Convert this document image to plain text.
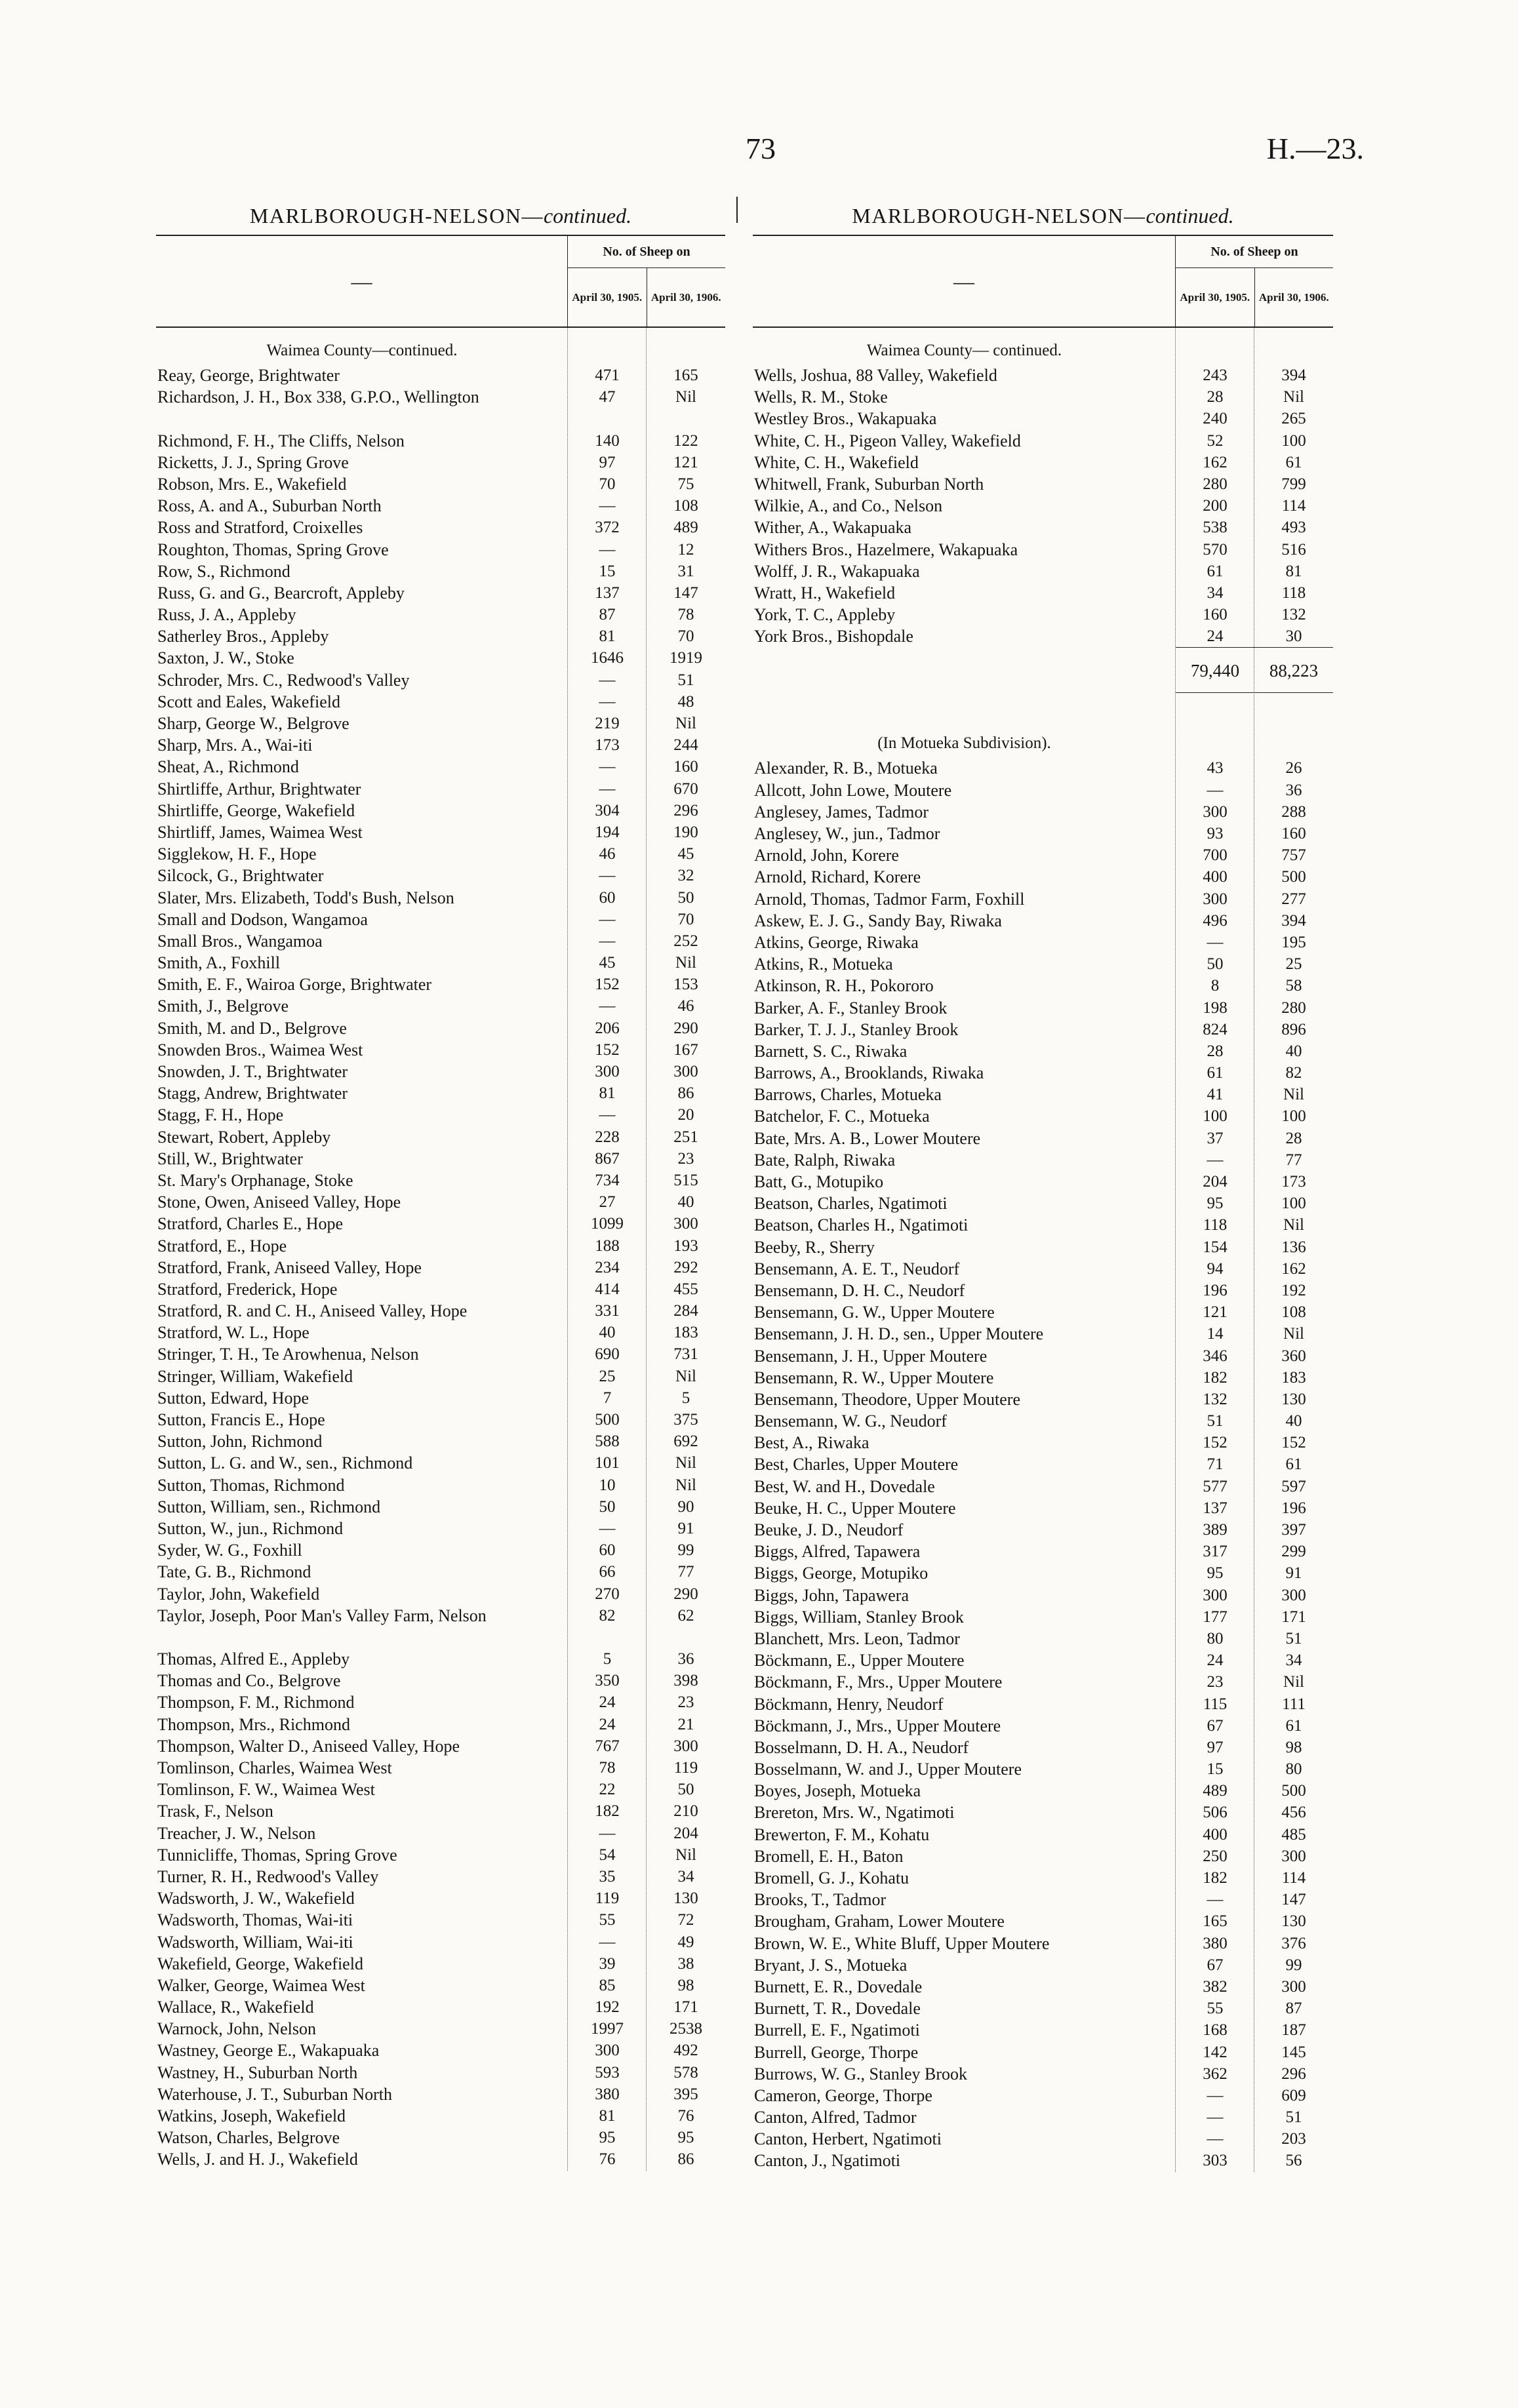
73	H.—23.
MARLBOROUGH-NELSON—continued.
—
No. of Sheep on
April 30, 1905. April 30, 1906.
Waimea County—continued.
Reay, George, Brightwater	471	165
Richardson, J. H., Box 338, G.P.O., Wellington	47	Nil
Richmond, F. H., The Cliffs, Nelson	140	122
Ricketts, J. J., Spring Grove	97	121
Robson, Mrs. E., Wakefield	70	75
Ross, A. and A., Suburban North	—	108
Ross and Stratford, Croixelles	372	489
Roughton, Thomas, Spring Grove	—	12
Row, S., Richmond	15	31
Russ, G. and G., Bearcroft, Appleby	137	147
Russ, J. A., Appleby	87	78
Satherley Bros., Appleby	81	70
Saxton, J. W., Stoke	1646	1919
Schroder, Mrs. C., Redwood's Valley	—	51
Scott and Eales, Wakefield	—	48
Sharp, George W., Belgrove	219	Nil
Sharp, Mrs. A., Wai-iti	173	244
Sheat, A., Richmond	—	160
Shirtliffe, Arthur, Brightwater	—	670
Shirtliffe, George, Wakefield	304	296
Shirtliff, James, Waimea West	194	190
Sigglekow, H. F., Hope	46	45
Silcock, G., Brightwater	—	32
Slater, Mrs. Elizabeth, Todd's Bush, Nelson	60	50
Small and Dodson, Wangamoa	—	70
Small Bros., Wangamoa	—	252
Smith, A., Foxhill	45	Nil
Smith, E. F., Wairoa Gorge, Brightwater	152	153
Smith, J., Belgrove	—	46
Smith, M. and D., Belgrove	206	290
Snowden Bros., Waimea West	152	167
Snowden, J. T., Brightwater	300	300
Stagg, Andrew, Brightwater	81	86
Stagg, F. H., Hope	—	20
Stewart, Robert, Appleby	228	251
Still, W., Brightwater	867	23
St. Mary's Orphanage, Stoke	734	515
Stone, Owen, Aniseed Valley, Hope	27	40
Stratford, Charles E., Hope	1099	300
Stratford, E., Hope	188	193
Stratford, Frank, Aniseed Valley, Hope	234	292
Stratford, Frederick, Hope	414	455
Stratford, R. and C. H., Aniseed Valley, Hope	331	284
Stratford, W. L., Hope	40	183
Stringer, T. H., Te Arowhenua, Nelson	690	731
Stringer, William, Wakefield	25	Nil
Sutton, Edward, Hope	7	5
Sutton, Francis E., Hope	500	375
Sutton, John, Richmond	588	692
Sutton, L. G. and W., sen., Richmond	101	Nil
Sutton, Thomas, Richmond	10	Nil
Sutton, William, sen., Richmond	50	90
Sutton, W., jun., Richmond	—	91
Syder, W. G., Foxhill	60	99
Tate, G. B., Richmond	66	77
Taylor, John, Wakefield	270	290
Taylor, Joseph, Poor Man's Valley Farm, Nelson	82	62
Thomas, Alfred E., Appleby	5	36
Thomas and Co., Belgrove	350	398
Thompson, F. M., Richmond	24	23
Thompson, Mrs., Richmond	24	21
Thompson, Walter D., Aniseed Valley, Hope	767	300
Tomlinson, Charles, Waimea West	78	119
Tomlinson, F. W., Waimea West	22	50
Trask, F., Nelson	182	210
Treacher, J. W., Nelson	—	204
Tunnicliffe, Thomas, Spring Grove	54	Nil
Turner, R. H., Redwood's Valley	35	34
Wadsworth, J. W., Wakefield	119	130
Wadsworth, Thomas, Wai-iti	55	72
Wadsworth, William, Wai-iti	—	49
Wakefield, George, Wakefield	39	38
Walker, George, Waimea West	85	98
Wallace, R., Wakefield	192	171
Warnock, John, Nelson	1997	2538
Wastney, George E., Wakapuaka	300	492
Wastney, H., Suburban North	593	578
Waterhouse, J. T., Suburban North	380	395
Watkins, Joseph, Wakefield	81	76
Watson, Charles, Belgrove	95	95
Wells, J. and H. J., Wakefield	76	86
MARLBOROUGH-NELSON—continued.
—
No. of Sheep on
April 30, 1905. April 30, 1906.
Waimea County— continued.
Wells, Joshua, 88 Valley, Wakefield	243	394
Wells, R. M., Stoke	28	Nil
Westley Bros., Wakapuaka	240	265
White, C. H., Pigeon Valley, Wakefield	52	100
White, C. H., Wakefield	162	61
Whitwell, Frank, Suburban North	280	799
Wilkie, A., and Co., Nelson	200	114
Wither, A., Wakapuaka	538	493
Withers Bros., Hazelmere, Wakapuaka	570	516
Wolff, J. R., Wakapuaka	61	81
Wratt, H., Wakefield	34	118
York, T. C., Appleby	160	132
York Bros., Bishopdale	24	30
79,440	88,223
(In Motueka Subdivision).
Alexander, R. B., Motueka	43	26
Allcott, John Lowe, Moutere	—	36
Anglesey, James, Tadmor	300	288
Anglesey, W., jun., Tadmor	93	160
Arnold, John, Korere	700	757
Arnold, Richard, Korere	400	500
Arnold, Thomas, Tadmor Farm, Foxhill	300	277
Askew, E. J. G., Sandy Bay, Riwaka	496	394
Atkins, George, Riwaka	—	195
Atkins, R., Motueka	50	25
Atkinson, R. H., Pokororo	8	58
Barker, A. F., Stanley Brook	198	280
Barker, T. J. J., Stanley Brook	824	896
Barnett, S. C., Riwaka	28	40
Barrows, A., Brooklands, Riwaka	61	82
Barrows, Charles, Motueka	41	Nil
Batchelor, F. C., Motueka	100	100
Bate, Mrs. A. B., Lower Moutere	37	28
Bate, Ralph, Riwaka	—	77
Batt, G., Motupiko	204	173
Beatson, Charles, Ngatimoti	95	100
Beatson, Charles H., Ngatimoti	118	Nil
Beeby, R., Sherry	154	136
Bensemann, A. E. T., Neudorf	94	162
Bensemann, D. H. C., Neudorf	196	192
Bensemann, G. W., Upper Moutere	121	108
Bensemann, J. H. D., sen., Upper Moutere	14	Nil
Bensemann, J. H., Upper Moutere	346	360
Bensemann, R. W., Upper Moutere	182	183
Bensemann, Theodore, Upper Moutere	132	130
Bensemann, W. G., Neudorf	51	40
Best, A., Riwaka	152	152
Best, Charles, Upper Moutere	71	61
Best, W. and H., Dovedale	577	597
Beuke, H. C., Upper Moutere	137	196
Beuke, J. D., Neudorf	389	397
Biggs, Alfred, Tapawera	317	299
Biggs, George, Motupiko	95	91
Biggs, John, Tapawera	300	300
Biggs, William, Stanley Brook	177	171
Blanchett, Mrs. Leon, Tadmor	80	51
Böckmann, E., Upper Moutere	24	34
Böckmann, F., Mrs., Upper Moutere	23	Nil
Böckmann, Henry, Neudorf	115	111
Böckmann, J., Mrs., Upper Moutere	67	61
Bosselmann, D. H. A., Neudorf	97	98
Bosselmann, W. and J., Upper Moutere	15	80
Boyes, Joseph, Motueka	489	500
Brereton, Mrs. W., Ngatimoti	506	456
Brewerton, F. M., Kohatu	400	485
Bromell, E. H., Baton	250	300
Bromell, G. J., Kohatu	182	114
Brooks, T., Tadmor	—	147
Brougham, Graham, Lower Moutere	165	130
Brown, W. E., White Bluff, Upper Moutere	380	376
Bryant, J. S., Motueka	67	99
Burnett, E. R., Dovedale	382	300
Burnett, T. R., Dovedale	55	87
Burrell, E. F., Ngatimoti	168	187
Burrell, George, Thorpe	142	145
Burrows, W. G., Stanley Brook	362	296
Cameron, George, Thorpe	—	609
Canton, Alfred, Tadmor	—	51
Canton, Herbert, Ngatimoti	—	203
Canton, J., Ngatimoti	303	56
